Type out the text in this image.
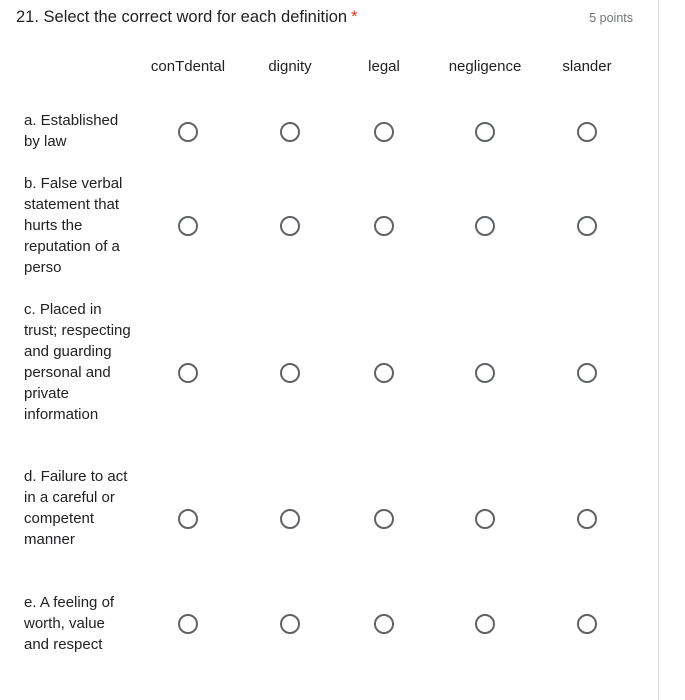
21. Select the correct word for each definition *	5 points
conTdental	dignity	legal	negligence	slander
a. Established by law
b. False verbal statement that hurts the reputation of a perso
c. Placed in trust; respecting and guarding personal and private information
d. Failure to act in a careful or competent manner
e. A feeling of worth, value and respect
